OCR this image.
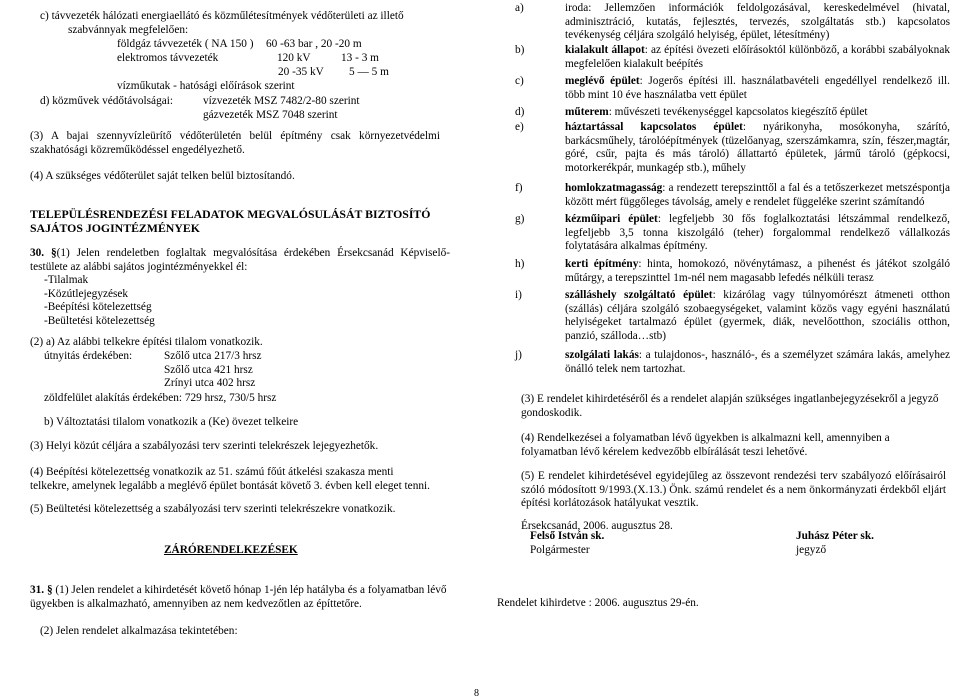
c) távvezeték hálózati energiaellátó és közműlétesítmények védőterületi az illető
szabvánnyak megfelelően:
földgáz távvezeték ( NA 150 ) 60 -63 bar , 20 -20 m
elektromos távvezeték	120 kV	13 - 3 m
20 -35 kV 5 — 5 m
vízműkutak - hatósági előírások szerint
d) közművek védőtávolságai:	vízvezeték MSZ 7482/2-80 szerint
gázvezeték MSZ 7048 szerint
(3) A bajai szennyvízleürítő védőterületén belül építmény csak környezetvédelmi szakhatósági közreműködéssel engedélyezhető.
(4) A szükséges védőterület saját telken belül biztosítandó.
TELEPÜLÉSRENDEZÉSI FELADATOK MEGVALÓSULÁSÁT BIZTOSÍTÓ SAJÁTOS JOGINTÉZMÉNYEK
30. §(1) Jelen rendeletben foglaltak megvalósítása érdekében Érsekcsanád Képviselő-testülete az alábbi sajátos jogintézményekkel él:
-Tilalmak
-Közútlejegyzések
-Beépítési kötelezettség
-Beültetési kötelezettség
(2) a) Az alábbi telkekre építési tilalom vonatkozik.
útnyitás érdekében:	Szőlő utca 217/3 hrsz
Szőlő utca 421 hrsz
Zrínyi utca 402 hrsz
zöldfelület alakítás érdekében: 729 hrsz, 730/5 hrsz
b) Változtatási tilalom vonatkozik a (Ke) övezet telkeire
(3) Helyi közút céljára a szabályozási terv szerinti telekrészek lejegyezhetők.
(4) Beépítési kötelezettség vonatkozik az 51. számú főút átkelési szakasza menti telkekre, amelynek legalább a meglévő épület bontását követő 3. évben kell eleget tenni.
(5) Beültetési kötelezettség a szabályozási terv szerinti telekrészekre vonatkozik.
ZÁRÓRENDELKEZÉSEK
31. § (1) Jelen rendelet a kihirdetését követő hónap 1-jén lép hatályba és a folyamatban lévő ügyekben is alkalmazható, amennyiben az nem kedvezőtlen az építtetőre.
(2) Jelen rendelet alkalmazása tekintetében:
a)	iroda: Jellemzően információk feldolgozásával, kereskedelmével (hivatal, adminisztráció, kutatás, fejlesztés, tervezés, szolgáltatás stb.) kapcsolatos tevékenység céljára szolgáló helyiség, épület, létesítmény)
b)	kialakult állapot: az építési övezeti előírásoktól különböző, a korábbi szabályoknak megfelelően kialakult beépítés
c)	meglévő épület: Jogerős építési ill. használatbavételi engedéllyel rendelkező ill. több mint 10 éve használatba vett épület
d)	műterem: művészeti tevékenységgel kapcsolatos kiegészítő épület
e)	háztartással kapcsolatos épület: nyárikonyha, mosókonyha, szárító, barkácsműhely, tárolóépítmények (tüzelőanyag, szerszámkamra, szín, fészer,magtár, góré, csűr, pajta és más tároló) állattartó épületek, jármű tároló (gépkocsi, motorkerékpár, munkagép stb.), műhely
f)	homlokzatmagasság: a rendezett terepszinttől a fal és a tetőszerkezet metszéspontja között mért függőleges távolság, amely e rendelet függeléke szerint számítandó
g)	kézműipari épület: legfeljebb 30 fős foglalkoztatási létszámmal rendelkező, legfeljebb 3,5 tonna kiszolgáló (teher) forgalommal rendelkező vállalkozás folytatására alkalmas építmény.
h)	kerti építmény: hinta, homokozó, növénytámasz, a pihenést és játékot szolgáló műtárgy, a terepszinttel 1m-nél nem magasabb lefedés nélküli terasz
i)	szálláshely szolgáltató épület: kizárólag vagy túlnyomórészt átmeneti otthon (szállás) céljára szolgáló szobaegységeket, valamint közös vagy egyéni használatú helyiségeket tartalmazó épület (gyermek, diák, nevelőotthon, szociális otthon, panzió, szálloda…stb)
j)	szolgálati lakás: a tulajdonos-, használó-, és a személyzet számára lakás, amelyhez önálló telek nem tartozhat.
(3) E rendelet kihirdetéséről és a rendelet alapján szükséges ingatlanbejegyzésekről a jegyző gondoskodik.
(4) Rendelkezései a folyamatban lévő ügyekben is alkalmazni kell, amennyiben a folyamatban lévő kérelem kedvezőbb elbírálását teszi lehetővé.
(5) E rendelet kihirdetésével egyidejűleg az összevont rendezési terv szabályozó előírásairól szóló módosított 9/1993.(X.13.) Önk. számú rendelet és a nem önkormányzati érdekből eljárt építési korlátozások hatályukat vesztik.
Érsekcsanád, 2006. augusztus 28.
Felső István sk.
Polgármester
Juhász Péter sk.
jegyző
Rendelet kihirdetve : 2006. augusztus 29-én.
8
